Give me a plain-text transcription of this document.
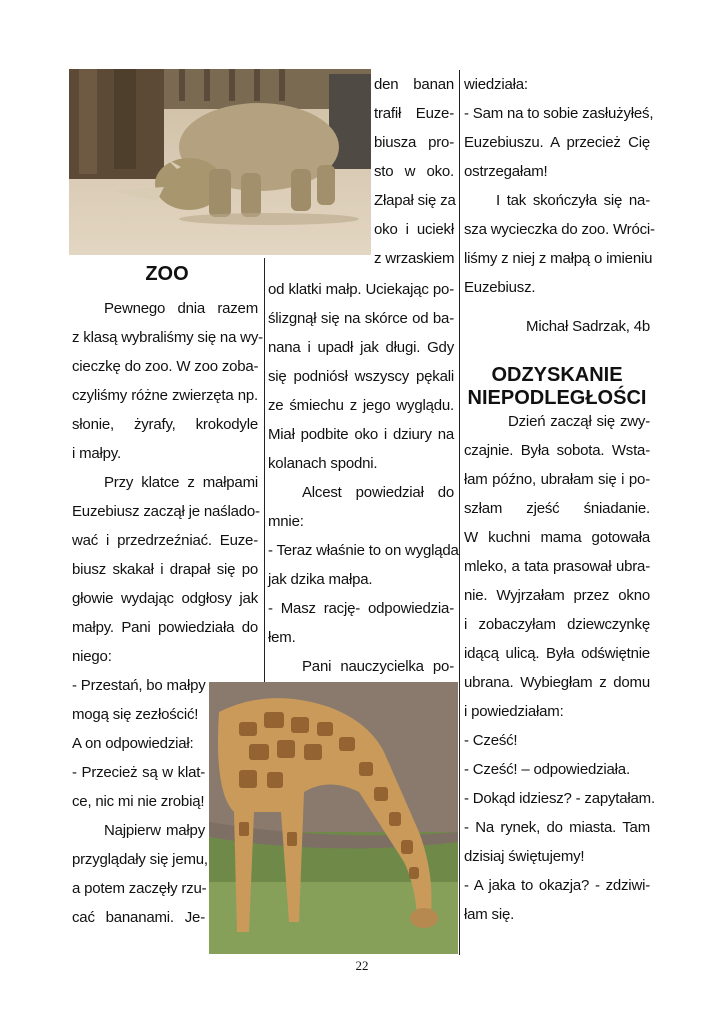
ZOO
Pewnego dnia razem
z klasą wybraliśmy się na wy-
cieczkę do zoo. W zoo zoba-
czyliśmy różne zwierzęta np.
słonie, żyrafy, krokodyle
i małpy.
Przy klatce z małpami
Euzebiusz zaczął je naślado-
wać i przedrzeźniać. Euze-
biusz skakał i drapał się po
głowie wydając odgłosy jak
małpy. Pani powiedziała do
niego:
- Przestań, bo małpy
mogą się zezłościć!
A on odpowiedział:
- Przecież są w klat-
ce, nic mi nie zrobią!
Najpierw małpy
przyglądały się jemu,
a potem zaczęły rzu-
cać bananami. Je-
den banan
trafił Euze-
biusza pro-
sto w oko.
Złapał się za
oko i uciekł
z wrzaskiem
od klatki małp. Uciekając po-
ślizgnął się na skórce od ba-
nana i upadł jak długi. Gdy
się podniósł wszyscy pękali
ze śmiechu z jego wyglądu.
Miał podbite oko i dziury na
kolanach spodni.
Alcest powiedział do
mnie:
- Teraz właśnie to on wygląda
jak dzika małpa.
- Masz rację- odpowiedzia-
łem.
Pani nauczycielka po-
wiedziała:
- Sam na to sobie zasłużyłeś,
Euzebiuszu. A przecież Cię
ostrzegałam!
I tak skończyła się na-
sza wycieczka do zoo. Wróci-
liśmy z niej z małpą o imieniu
Euzebiusz.
Dzień zaczął się zwy-
czajnie. Była sobota. Wsta-
łam późno, ubrałam się i po-
szłam zjeść śniadanie.
W kuchni mama gotowała
mleko, a tata prasował ubra-
nie. Wyjrzałam przez okno
i zobaczyłam dziewczynkę
idącą ulicą. Była odświętnie
ubrana. Wybiegłam z domu
i powiedziałam:
- Cześć!
- Cześć! – odpowiedziała.
- Dokąd idziesz? - zapytałam.
- Na rynek, do miasta. Tam
dzisiaj świętujemy!
- A jaka to okazja? - zdziwi-
łam się.
Michał Sadrzak, 4b
ODZYSKANIE
NIEPODLEGŁOŚCI
22
